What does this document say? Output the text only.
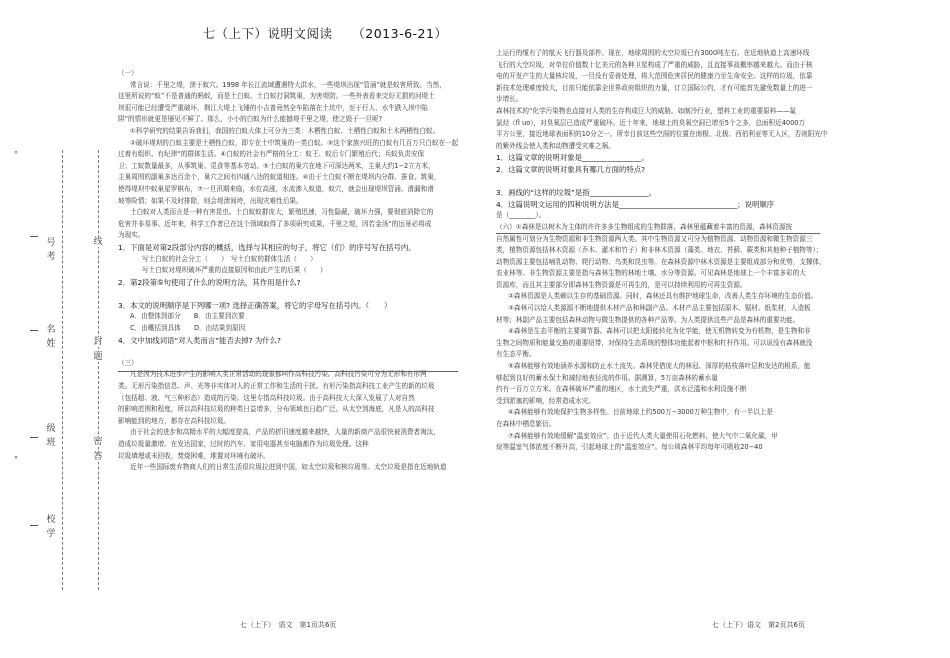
号
考
名
姓
级
班
校
学
线
封
题
密
答
°
°
七（上下）说明文阅读　　（2013-6-21）
（一）
常言说：千里之堤，溃于蚁穴。1998 年长江流域遭遇特大洪水，一些堤坝出现“管涌”就是蚁害所致。当然，
这里所说的“蚁”不是普通的蚂蚁，而是土白蚁。土白蚁打洞筑巢，为害堤防。一些外表看来完好无损的河堤土
坝很可能已经遭受严重破坏，荆江大堤上飞锤的小吉普竟然全车陷落在土坑中，至于行人、水牛跌入坝中陷
阱“的情形就更是屡见不鲜了。那么，小小的白蚁为什么能撼堤千里之堤，使之毁于一旦呢?
①科学研究的结果告诉我们，我国的白蚁大体上可分为三类：木栖性白蚁、土栖性白蚁和土木两栖性白蚁。
②破坏堤坝的白蚁主要是土栖性白蚁，即专在土中筑巢的一类白蚁。③这个家族兴旺的白蚁有几百万只白蚁在一起
过着有组织、有纪律“的群体生活。④白蚁的社会有严格的分工：蚁王、蚁后专门繁殖后代；兵蚁负责安保
卫；工蚁数量最多，从事筑巢、觅食等基本劳动。⑤土白蚁的巢穴在地下可深达两米，主巢大约1−2立方米，
主巢周围的副巢多达百余个，巢穴之间有四通八达的蚁道相连。⑥由于土白蚁不断在堤坝内分群、蚕食、筑巢，
使得堤坝中蚁巢星罗棋布，⑦一旦汛期来临，水位高涨，水流渗入蚁道，蚁穴，就会出现堤坝管涌、滑漏和滑
坡等险情；如果不及时排除，则会堤溃间垮，出现灾难性后果。
土白蚁对人类而言是一种有害昆虫。土白蚁蚁群庞大，繁殖迅速，习性隐蔽，破坏力强，要彻底消除它的
危害并非易事。近年来，科学工作者已在这个领域取得了多项研究成果，千里之堤，因若金汤“的远景必将成
为现实。
1．下面是对第2段部分内容的概括，选择与其相应的句子，将它（们）的序号写在括号内。
写土白蚁的社会分工（　　）　写土白蚁的群体生活（　　）
写土白蚁对堤坝破坏严重的直接原因和由此产生的后果（　　）
2．第2段第⑤句使用了什么的说明方法，其作用是什么?
3．本文的说明顺序是下列哪一项? 选择正确答案，将它的字母写在括号内。（　　）
A．由整体到部分　　B．由主要到次要
C．由概括到具体　　D．由结果到原因
4．文中加线词语“对人类而言”能否去掉? 为什么?
（三）
凡是因为技术进步产生的影响人类正常活动的现象都叫作高科技污染。高科技污染可分为无形和有形两
类。无形污染指信息、声、光等非实体对人的正常工作和生活的干扰。有形污染指高科技工业产生的新的垃圾
（包括超、液、气三种形态）造成的污染。这里专指高科技垃圾。由于高科技大大深入发展了人对自然
的影响范围和程度，所以高科技垃圾的种类日益增多，分布领域也日趋广泛。从太空到海底，凡是人的高科技
影响能到的地方，都存在高科技垃圾。
由于社会的进步和高精水平的大幅度提高，产品的折旧速度越来越快，大量的新商产品很快被消费者淘汰，
造成垃圾量激增。在发达国家，过时的汽车、家用电器甚至电脑都作为垃圾处理。这种
垃圾填埋或未回收，焚烧困难，堆置对环境有破坏。
近年一些国际废弃物商人们的日常生活很垃圾拉进到中国，如太空垃圾和核垃圾等。太空垃圾是指在近地轨道
上运行的缆有了的航天飞行器及部件。现在，地球周围的太空垃圾已有3000吨左右。在近地轨道上高速环线
飞行的大空垃圾，对单位价值数十亿美元的各种卫星构成了严重的威胁，且直接事故概率越来越大。而由于核
电的开发产生的大量核垃圾，一旦没有妥善处理，将大范围危害居民的健康乃至生命安全。这样的垃圾，依靠
新技术处理难度较大，目前只能依靠全世界政府组织的力量，订立国际公约，才有可能首先避免数量上的进一
步增长。
森林技术的“化学污染物也直接对人类的生存构成巨大的威胁。如制冷行业，塑料工业的重要原料——氟
氯烃（fl uo），对臭氧层已造成严重破坏。近十年来，地球上的臭氧空洞已增至5个之多，总面积近4000万
平方公里，接近地球表面积的10分之一。所幸目前这些空洞的位置在南极、北极、西伯利亚等无人区，否则阳光中
的紫外线会使人类和动物遭受灾难之祸。
1．这篇文章的说明对象是________________。
2．这篇文章的说明对象具有哪几方面的特点?
3．画线的“这样的垃圾”是指________________。
4．这篇说明文运用的四种说明方法是________________________________；说明顺序
是（________）。
（六）①森林是以树木为主体的许许多多生物组成的生物群落，森林里蕴藏着丰富的资源，森林资源按
自然属性可划分为生物资源和非生物资源两大类。其中生物资源又可分为植物资源、动物资源和微生物资源三
类，植物资源包括林木资源（乔木、灌木和竹子）和非林木资源（藻类、地衣、苔藓、蕨类和其他种子植物等）；
动物资源主要包括哺乳动物、爬行动物、鸟类和昆虫等。在森林资源中林木资源是主要组成部分和优势，支撑体，
农业林等。非生物资源主要是指与森林生物的林地土壤、水分等资源。可见森林是地球上一个丰富多彩的大
资源库，而且其主要部分即森林生物资源是可再生的，是可以持续利用的可再生资源。
②森林资源是人类赖以生存的基础资源。同时，森林还具有维护地球生命，改善人类生存环境的生态价值。
③森林可以给人类源源不断地提供木材产品和林副产品。木材产品主要包括原木、锯材、纸浆材，人造板
材等；林副产品主要包括森林动物与微生物提供的各种产品等。为人类提供这些产品是森林的重要功能。
④森林是生态平衡的主要调节器。森林可以把太阳能转化为化学能，使无机物转变为有机物，是生物和非
生物之间物质和能量交换的重要纽带，对保持生态系统的整体功能起着中枢和杠杆作用。可以说没有森林就没
有生态平衡。
⑤森林能够有效地涵养水源和防止水土流失。森林凭借庞大的林冠、深厚的枯枝落叶层和发达的根系，能
够起到良好的蓄水保土和减轻地表径流的作用。据测算，5万亩森林的蓄水量
约有一百万立方米。在森林破坏严重的地区，水土流失严重，洪水泛滥和水利设施不断
受到淤塞的影响，经常造成水灾。
⑥森林能够有效地保护生物多样性。目前地球上约500万−3000万种生物中，有一半以上是
在森林中栖息繁衍。
⑦森林能够有效地缓解“温室效应”。由于近代人类大量使用石化燃料，使大气中二氧化碳，甲
烷等温室气体浓度不断升高，引起地球上的“温室效应”。每公顷森林平均每年可吸收20−40
七（上下）　语文　第1页共6页	七（上下）语文　第2页共6页
